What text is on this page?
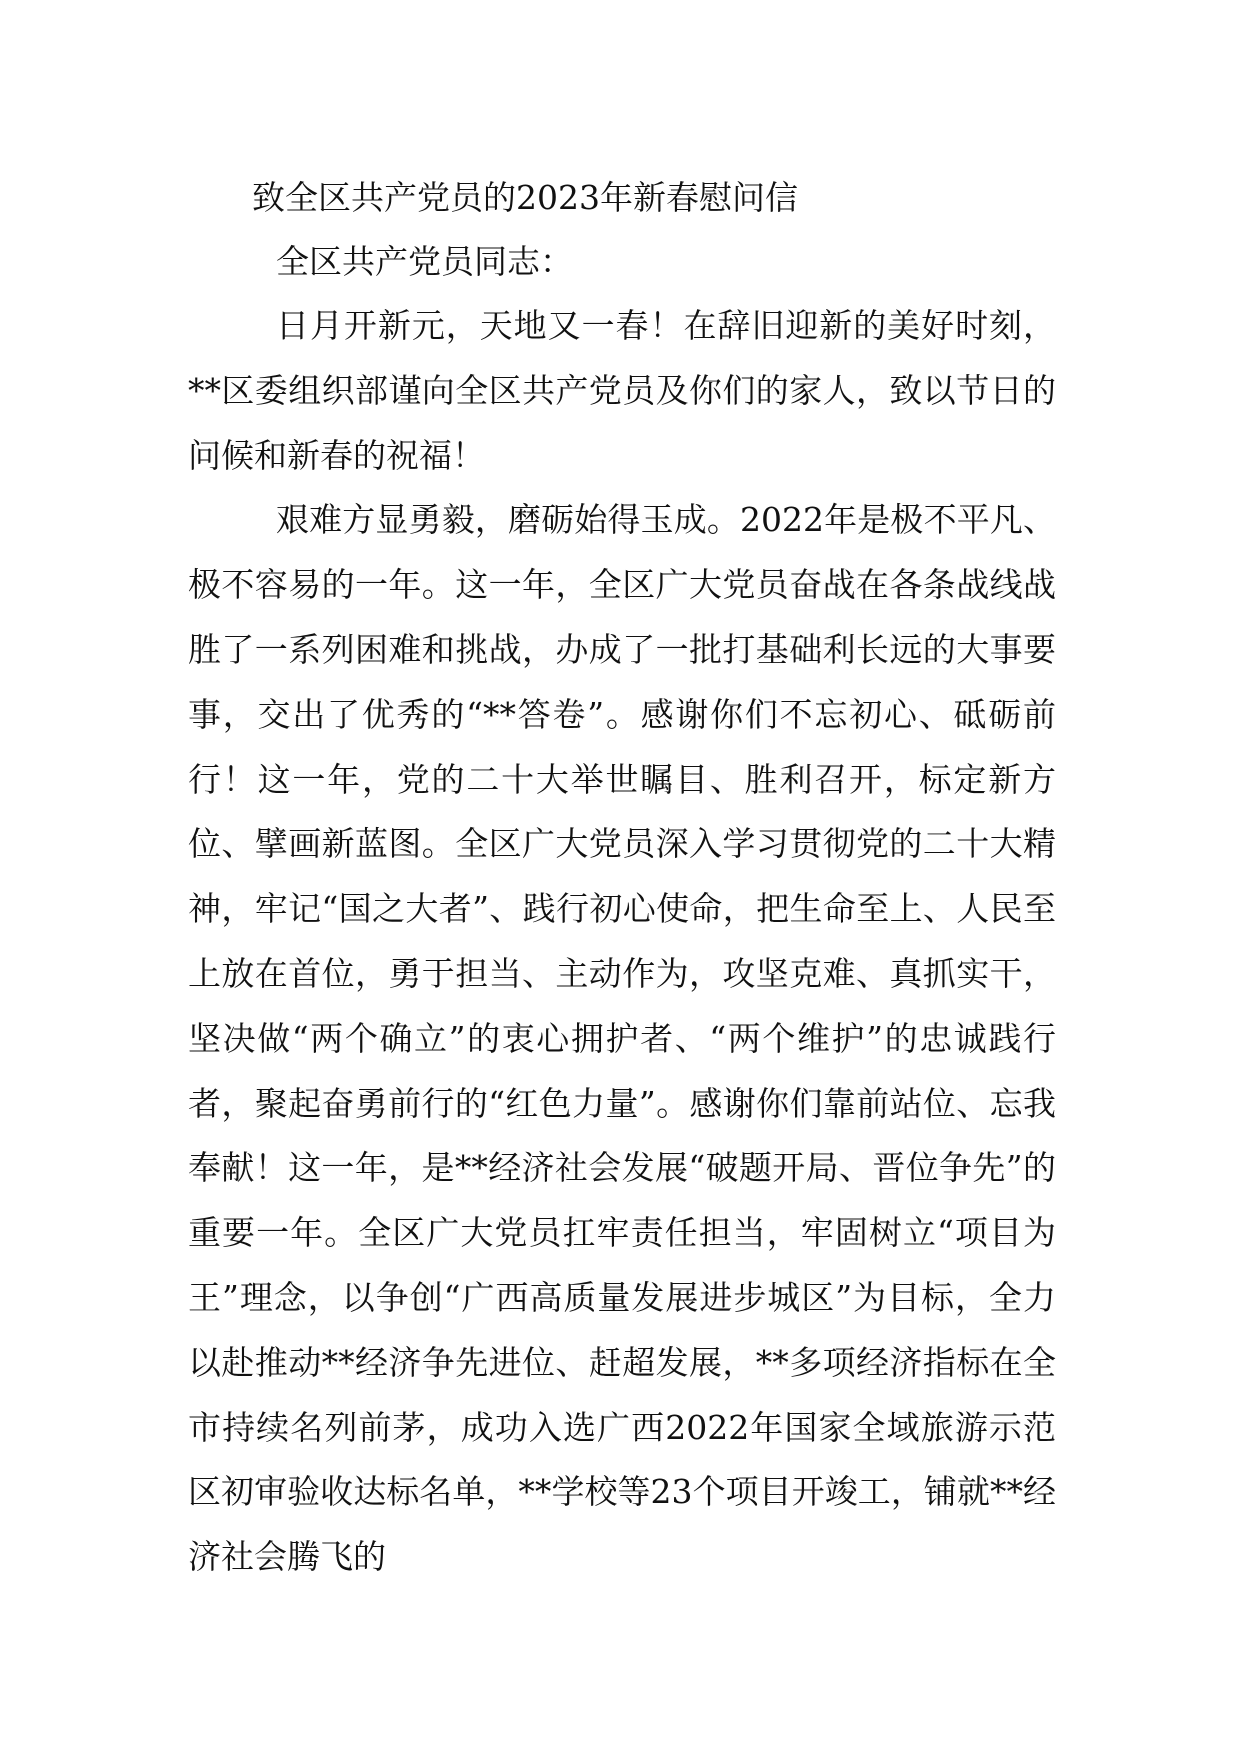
致全区共产党员的2023年新春慰问信

全区共产党员同志：

日月开新元，天地又一春！在辞旧迎新的美好时刻，**区委组织部谨向全区共产党员及你们的家人，致以节日的问候和新春的祝福！

艰难方显勇毅，磨砺始得玉成。2022年是极不平凡、极不容易的一年。这一年，全区广大党员奋战在各条战线战胜了一系列困难和挑战，办成了一批打基础利长远的大事要事，交出了优秀的“**答卷”。感谢你们不忘初心、砥砺前行！这一年，党的二十大举世瞩目、胜利召开，标定新方位、擘画新蓝图。全区广大党员深入学习贯彻党的二十大精神，牢记“国之大者”、践行初心使命，把生命至上、人民至上放在首位，勇于担当、主动作为，攻坚克难、真抓实干，坚决做“两个确立”的衷心拥护者、“两个维护”的忠诚践行者，聚起奋勇前行的“红色力量”。感谢你们靠前站位、忘我奉献！这一年，是**经济社会发展“破题开局、晋位争先”的重要一年。全区广大党员扛牢责任担当，牢固树立“项目为王”理念，以争创“广西高质量发展进步城区”为目标，全力以赴推动**经济争先进位、赶超发展，**多项经济指标在全市持续名列前茅，成功入选广西2022年国家全域旅游示范区初审验收达标名单，**学校等23个项目开竣工，铺就**经济社会腾飞的
